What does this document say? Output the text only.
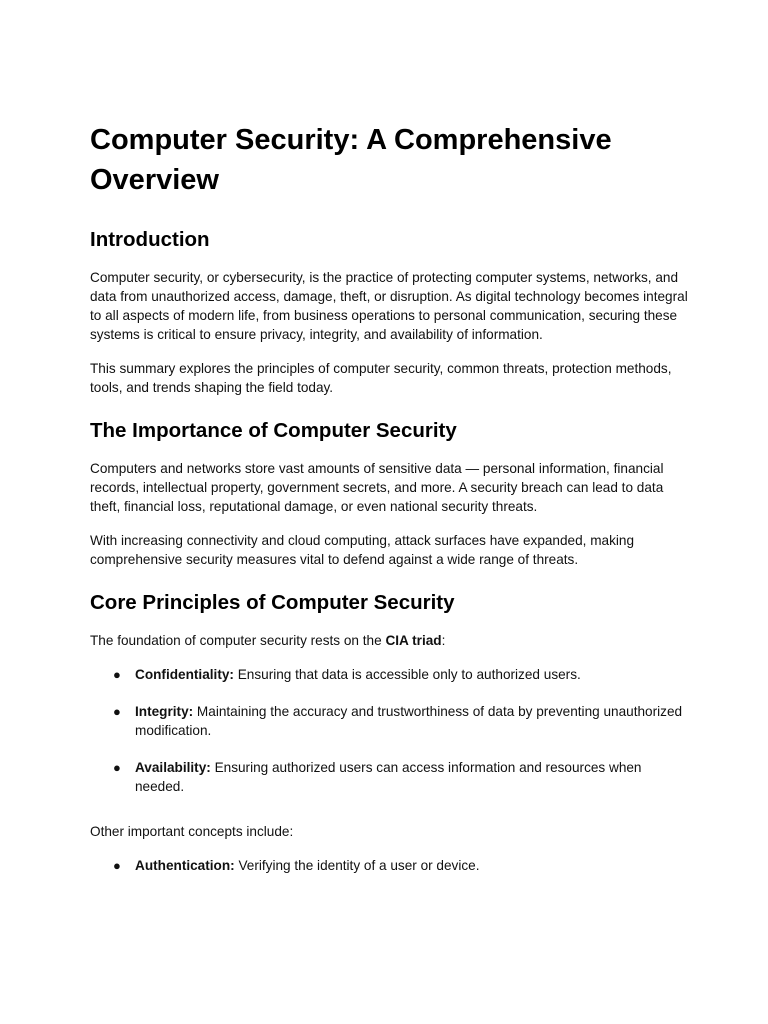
Computer Security: A Comprehensive Overview
Introduction

Computer security, or cybersecurity, is the practice of protecting computer systems, networks, and data from unauthorized access, damage, theft, or disruption. As digital technology becomes integral to all aspects of modern life, from business operations to personal communication, securing these systems is critical to ensure privacy, integrity, and availability of information.

This summary explores the principles of computer security, common threats, protection methods, tools, and trends shaping the field today.

The Importance of Computer Security

Computers and networks store vast amounts of sensitive data — personal information, financial records, intellectual property, government secrets, and more. A security breach can lead to data theft, financial loss, reputational damage, or even national security threats.

With increasing connectivity and cloud computing, attack surfaces have expanded, making comprehensive security measures vital to defend against a wide range of threats.

Core Principles of Computer Security

The foundation of computer security rests on the CIA triad:

● Confidentiality: Ensuring that data is accessible only to authorized users.
● Integrity: Maintaining the accuracy and trustworthiness of data by preventing unauthorized modification.
● Availability: Ensuring authorized users can access information and resources when needed.

Other important concepts include:

● Authentication: Verifying the identity of a user or device.
